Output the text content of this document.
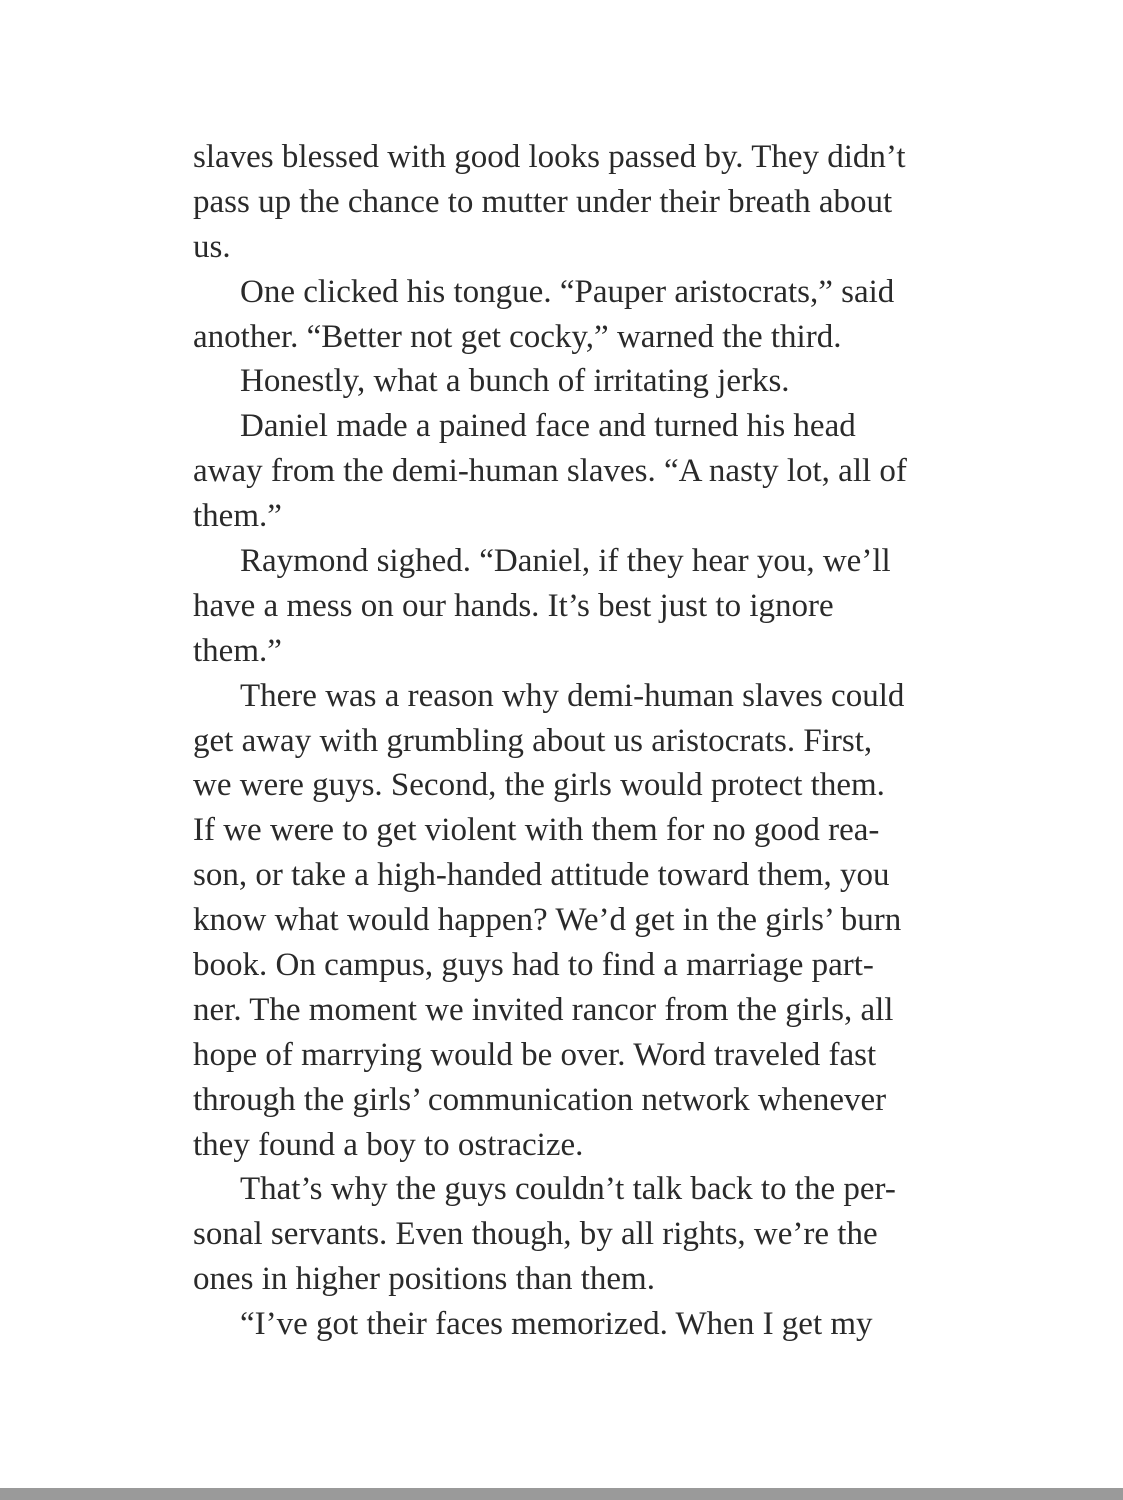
slaves blessed with good looks passed by. They didn’t
pass up the chance to mutter under their breath about
us.
One clicked his tongue. “Pauper aristocrats,” said
another. “Better not get cocky,” warned the third.
Honestly, what a bunch of irritating jerks.
Daniel made a pained face and turned his head
away from the demi-human slaves. “A nasty lot, all of
them.”
Raymond sighed. “Daniel, if they hear you, we’ll
have a mess on our hands. It’s best just to ignore
them.”
There was a reason why demi-human slaves could
get away with grumbling about us aristocrats. First,
we were guys. Second, the girls would protect them.
If we were to get violent with them for no good rea-
son, or take a high-handed attitude toward them, you
know what would happen? We’d get in the girls’ burn
book. On campus, guys had to find a marriage part-
ner. The moment we invited rancor from the girls, all
hope of marrying would be over. Word traveled fast
through the girls’ communication network whenever
they found a boy to ostracize.
That’s why the guys couldn’t talk back to the per-
sonal servants. Even though, by all rights, we’re the
ones in higher positions than them.
“I’ve got their faces memorized. When I get my
